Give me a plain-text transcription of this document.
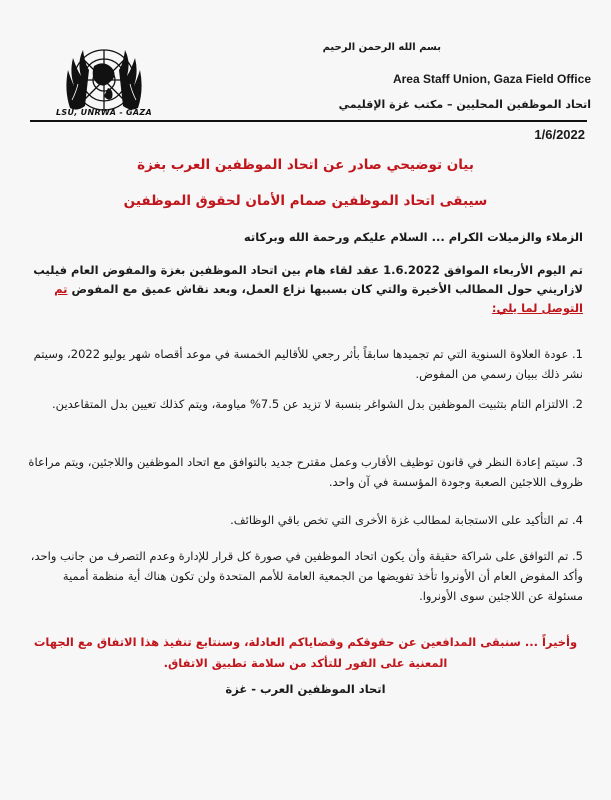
LSU, UNRWA - GAZA
بسم الله الرحمن الرحيم
Area Staff Union, Gaza Field Office
اتحاد الموظفين المحليين – مكتب غزة الإقليمي
1/6/2022
بيان توضيحي صادر عن اتحاد الموظفين العرب بغزة
سيبقى اتحاد الموظفين صمام الأمان لحقوق الموظفين
الزملاء والزميلات الكرام ... السلام عليكم ورحمة الله وبركاته
تم اليوم الأربعاء الموافق 1.6.2022 عقد لقاء هام بين اتحاد الموظفين بغزة والمفوض العام فيليب لازاريني حول المطالب الأخيرة والتي كان بسببها نزاع العمل، وبعد نقاش عميق مع المفوض تم التوصل لما يلي:
1. عودة العلاوة السنوية التي تم تجميدها سابقاً بأثر رجعي للأقاليم الخمسة في موعد أقصاه شهر يوليو 2022، وسيتم نشر ذلك ببيان رسمي من المفوض.
2. الالتزام التام بتثبيت الموظفين بدل الشواغر بنسبة لا تزيد عن 7.5% مياومة، ويتم كذلك تعيين بدل المتقاعدين.
3. سيتم إعادة النظر في قانون توظيف الأقارب وعمل مقترح جديد بالتوافق مع اتحاد الموظفين واللاجئين، ويتم مراعاة ظروف اللاجئين الصعبة وجودة المؤسسة في آن واحد.
4. تم التأكيد على الاستجابة لمطالب غزة الأخرى التي تخص باقي الوظائف.
5. تم التوافق على شراكة حقيقة وأن يكون اتحاد الموظفين في صورة كل قرار للإدارة وعدم التصرف من جانب واحد، وأكد المفوض العام أن الأونروا تأخذ تفويضها من الجمعية العامة للأمم المتحدة ولن تكون هناك أية منظمة أممية مسئولة عن اللاجئين سوى الأونروا.
وأخيراً ... سنبقى المدافعين عن حقوقكم وقضاياكم العادلة، وسنتابع تنفيذ هذا الاتفاق مع الجهات المعنية على الفور للتأكد من سلامة تطبيق الاتفاق.
اتحاد الموظفين العرب - غزة
